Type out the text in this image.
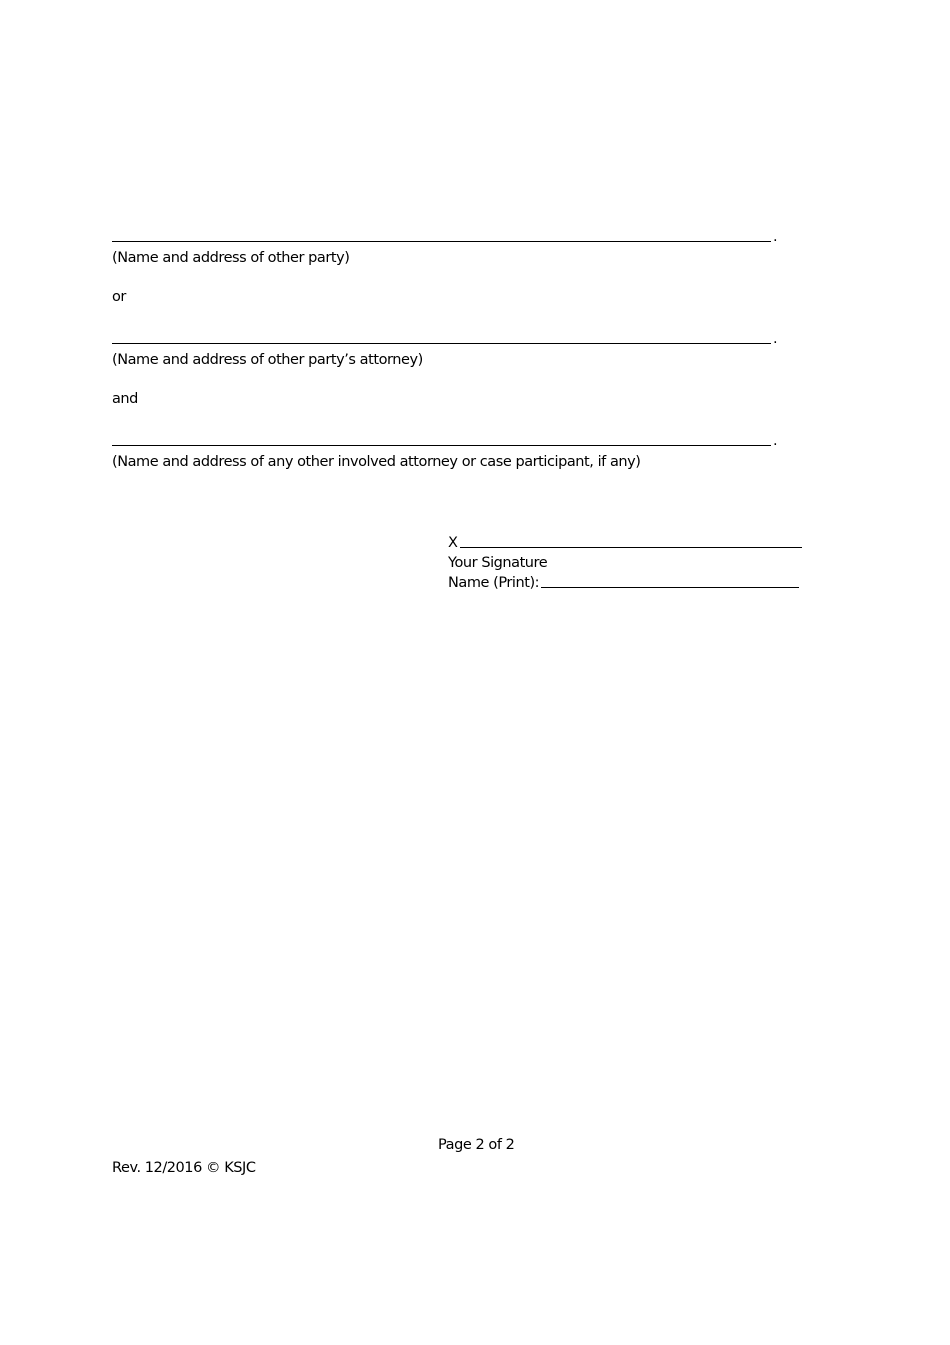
.
(Name and address of other party)
or
.
(Name and address of other party’s attorney)
and
.
(Name and address of any other involved attorney or case participant, if any)
X
Your Signature
Name (Print):
Page 2 of 2
Rev. 12/2016 © KSJC
